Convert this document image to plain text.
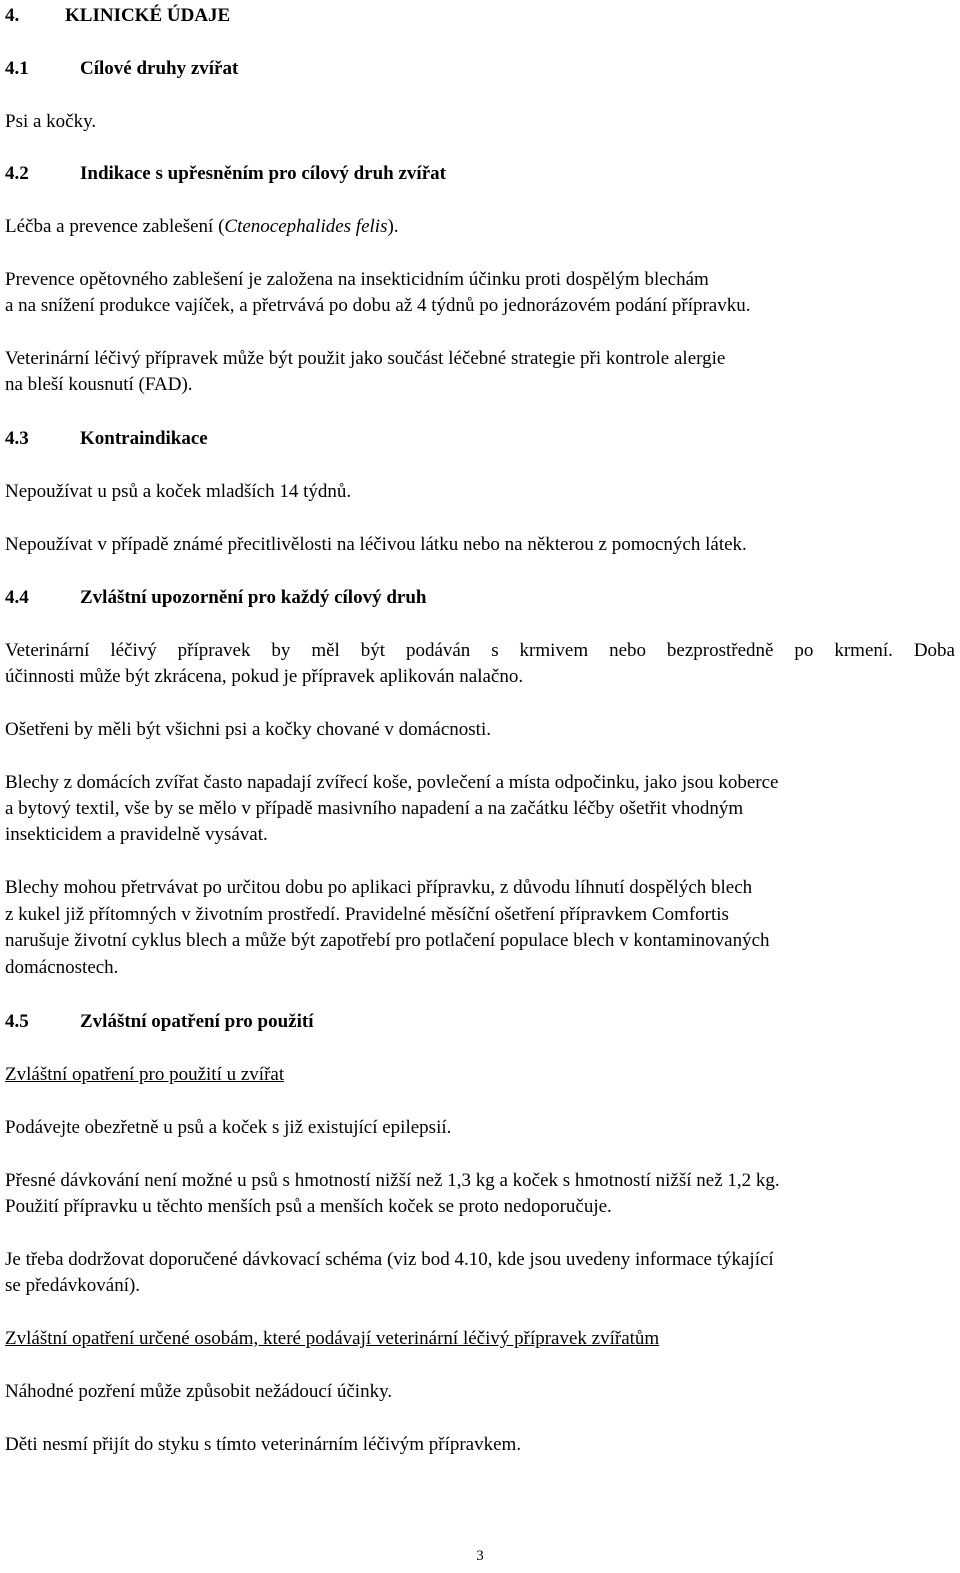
4. KLINICKÉ ÚDAJE
4.1	Cílové druhy zvířat
Psi a kočky.
4.2	Indikace s upřesněním pro cílový druh zvířat
Léčba a prevence zablešení (Ctenocephalides felis).
Prevence opětovného zablešení je založena na insekticidním účinku proti dospělým blechám
a na snížení produkce vajíček, a přetrvává po dobu až 4 týdnů po jednorázovém podání přípravku.
Veterinární léčivý přípravek může být použit jako součást léčebné strategie při kontrole alergie
na bleší kousnutí (FAD).
4.3	Kontraindikace
Nepoužívat u psů a koček mladších 14 týdnů.
Nepoužívat v případě známé přecitlivělosti na léčivou látku nebo na některou z pomocných látek.
4.4	Zvláštní upozornění pro každý cílový druh
Veterinární léčivý přípravek by měl být podáván s krmivem nebo bezprostředně po krmení. Doba
účinnosti může být zkrácena, pokud je přípravek aplikován nalačno.
Ošetřeni by měli být všichni psi a kočky chované v domácnosti.
Blechy z domácích zvířat často napadají zvířecí koše, povlečení a místa odpočinku, jako jsou koberce
a bytový textil, vše by se mělo v případě masivního napadení a na začátku léčby ošetřit vhodným
insekticidem a pravidelně vysávat.
Blechy mohou přetrvávat po určitou dobu po aplikaci přípravku, z důvodu líhnutí dospělých blech
z kukel již přítomných v životním prostředí. Pravidelné měsíční ošetření přípravkem Comfortis
narušuje životní cyklus blech a může být zapotřebí pro potlačení populace blech v kontaminovaných
domácnostech.
4.5	Zvláštní opatření pro použití
Zvláštní opatření pro použití u zvířat
Podávejte obezřetně u psů a koček s již existující epilepsií.
Přesné dávkování není možné u psů s hmotností nižší než 1,3 kg a koček s hmotností nižší než 1,2 kg.
Použití přípravku u těchto menších psů a menších koček se proto nedoporučuje.
Je třeba dodržovat doporučené dávkovací schéma (viz bod 4.10, kde jsou uvedeny informace týkající
se předávkování).
Zvláštní opatření určené osobám, které podávají veterinární léčivý přípravek zvířatům
Náhodné pozření může způsobit nežádoucí účinky.
Děti nesmí přijít do styku s tímto veterinárním léčivým přípravkem.
3
